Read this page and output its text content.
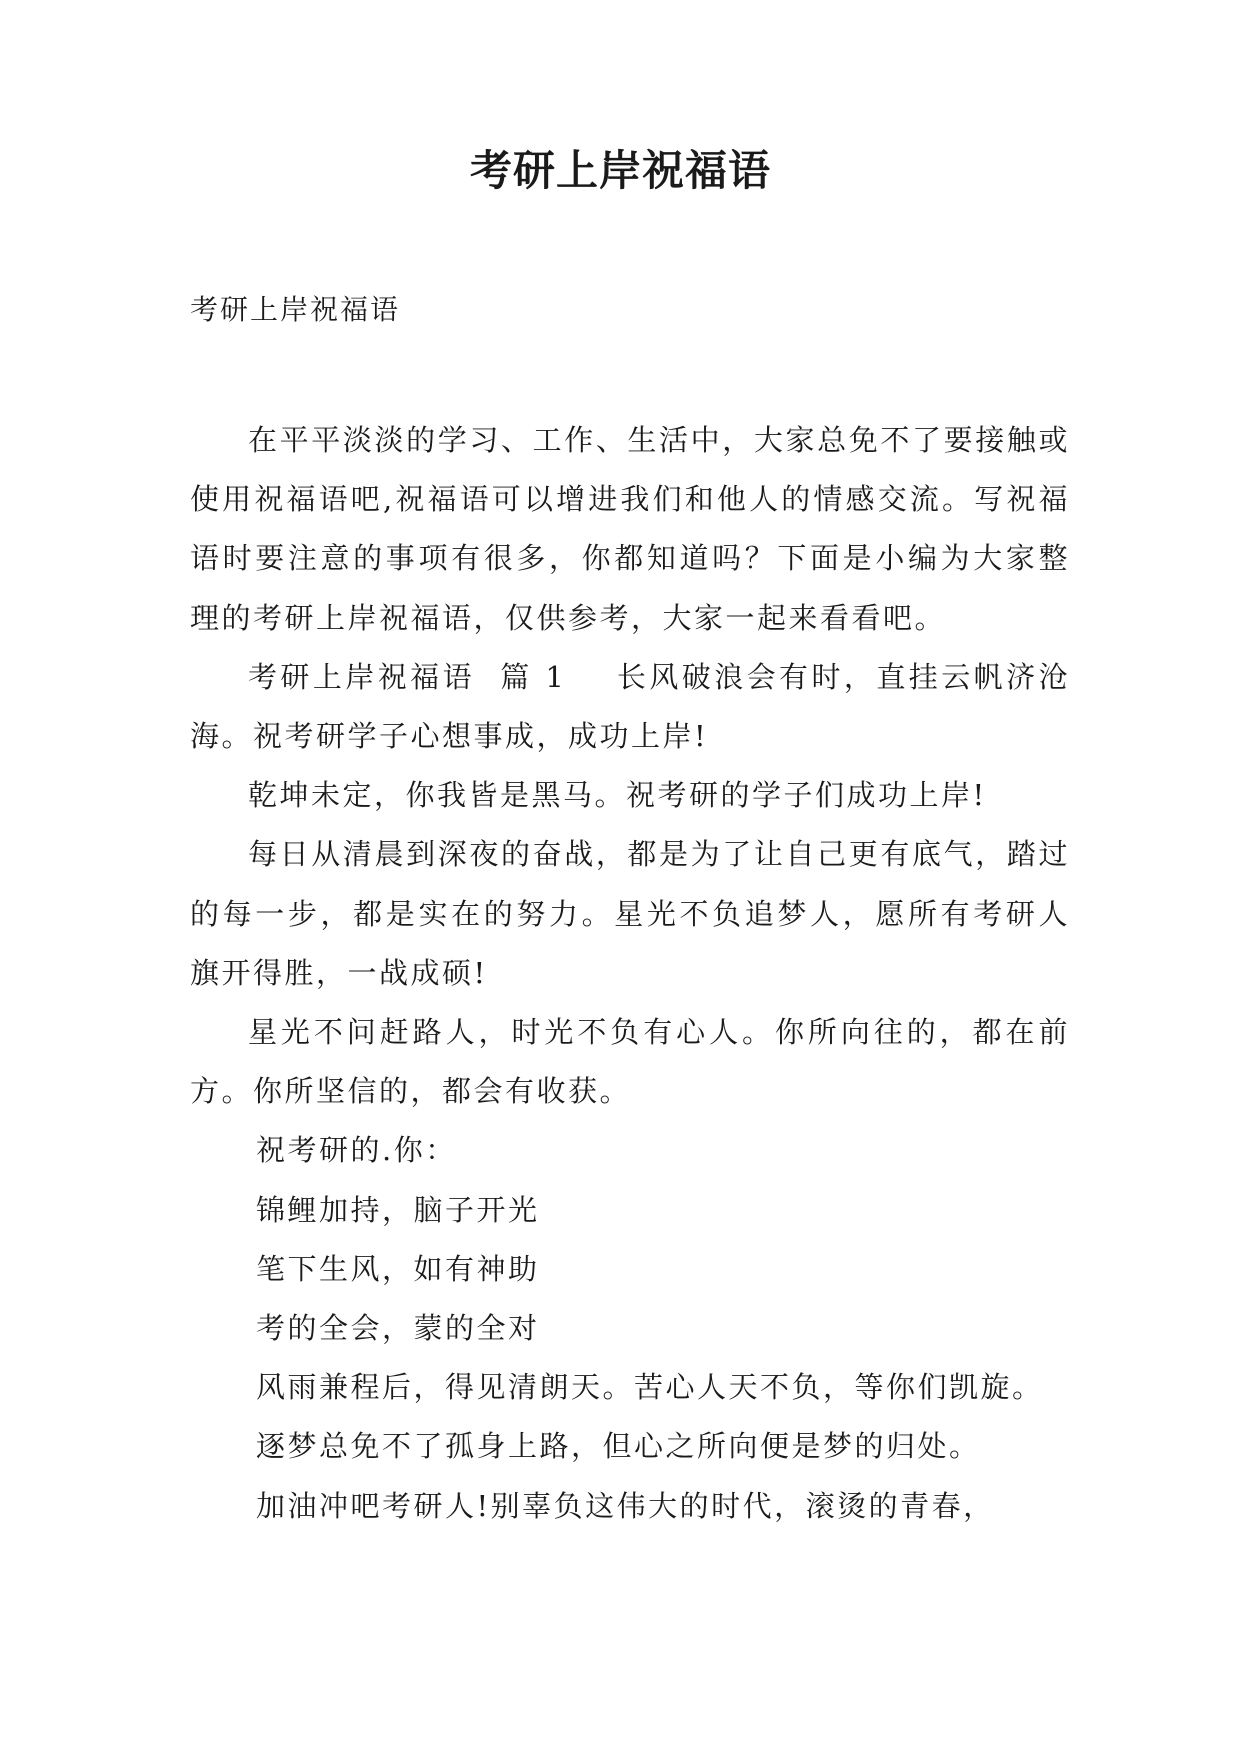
考研上岸祝福语
考研上岸祝福语

在平平淡淡的学习、工作、生活中，大家总免不了要接触或使用祝福语吧,祝福语可以增进我们和他人的情感交流。写祝福语时要注意的事项有很多，你都知道吗？下面是小编为大家整理的考研上岸祝福语，仅供参考，大家一起来看看吧。

考研上岸祝福语  篇 1    长风破浪会有时，直挂云帆济沧海。祝考研学子心想事成，成功上岸!

乾坤未定，你我皆是黑马。祝考研的学子们成功上岸!

每日从清晨到深夜的奋战，都是为了让自己更有底气，踏过的每一步，都是实在的努力。星光不负追梦人，愿所有考研人旗开得胜，一战成硕!

星光不问赶路人，时光不负有心人。你所向往的，都在前方。你所坚信的，都会有收获。

祝考研的.你：

锦鲤加持，脑子开光

笔下生风，如有神助

考的全会，蒙的全对

风雨兼程后，得见清朗天。苦心人天不负，等你们凯旋。

逐梦总免不了孤身上路，但心之所向便是梦的归处。

加油冲吧考研人!别辜负这伟大的时代，滚烫的青春，
